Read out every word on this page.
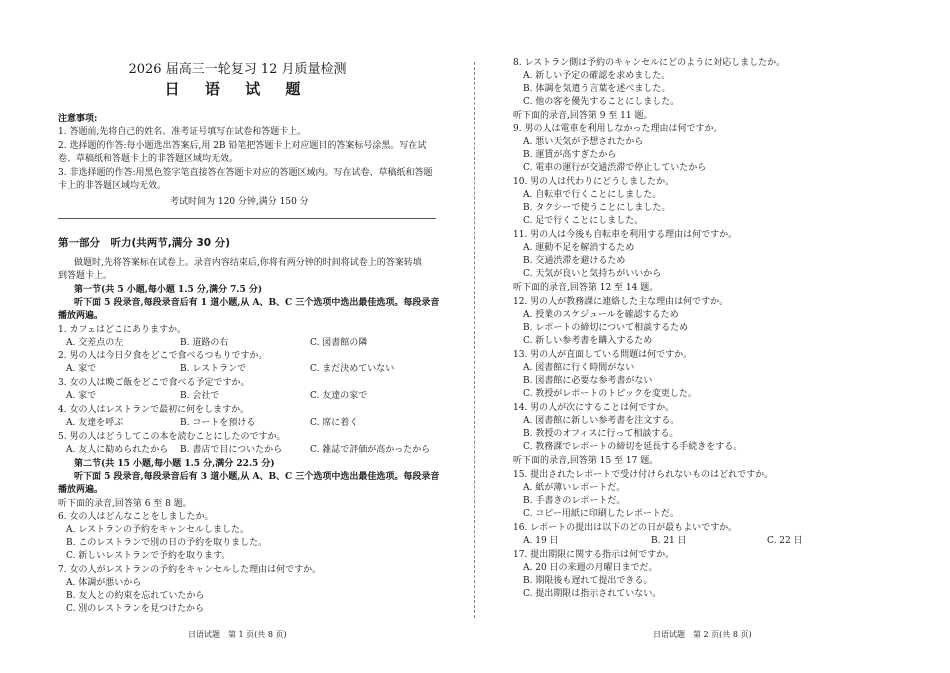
2026 届高三一轮复习 12 月质量检测
日 语 试 题
注意事项:
1. 答题前,先将自己的姓名、准考证号填写在试卷和答题卡上。
2. 选择题的作答:每小题选出答案后,用 2B 铅笔把答题卡上对应题目的答案标号涂黑。写在试
卷、草稿纸和答题卡上的非答题区域均无效。
3. 非选择题的作答:用黑色签字笔直接答在答题卡对应的答题区域内。写在试卷、草稿纸和答题
卡上的非答题区域均无效。
考试时间为 120 分钟,满分 150 分
第一部分　听力(共两节,满分 30 分)
做题时,先将答案标在试卷上。录音内容结束后,你将有两分钟的时间将试卷上的答案转填
到答题卡上。
第一节(共 5 小题,每小题 1.5 分,满分 7.5 分)
听下面 5 段录音,每段录音后有 1 道小题,从 A、B、C 三个选项中选出最佳选项。每段录音
播放两遍。
1. カフェはどこにありますか。
A. 交差点の左	B. 道路の右	C. 図書館の隣
2. 男の人は今日夕食をどこで食べるつもりですか。
A. 家で	B. レストランで	C. まだ決めていない
3. 女の人は晩ご飯をどこで食べる予定ですか。
A. 家で	B. 会社で	C. 友達の家で
4. 女の人はレストランで最初に何をしますか。
A. 友達を呼ぶ	B. コートを預ける	C. 席に着く
5. 男の人はどうしてこの本を読むことにしたのですか。
A. 友人に勧められたから B. 書店で目についたから	C. 雑誌で評価が高かったから
第二节(共 15 小题,每小题 1.5 分,满分 22.5 分)
听下面 5 段录音,每段录音后有 3 道小题,从 A、B、C 三个选项中选出最佳选项。每段录音
播放两遍。
听下面的录音,回答第 6 至 8 题。
6. 女の人はどんなことをしましたか。
A. レストランの予約をキャンセルしました。
B. このレストランで別の日の予約を取りました。
C. 新しいレストランで予約を取ります。
7. 女の人がレストランの予約をキャンセルした理由は何ですか。
A. 体調が悪いから
B. 友人との約束を忘れていたから
C. 別のレストランを見つけたから
日语试题　第 1 页(共 8 页)
8. レストラン側は予約のキャンセルにどのように対応しましたか。
A. 新しい予定の確認を求めました。
B. 体調を気遣う言葉を述べました。
C. 他の客を優先することにしました。
听下面的录音,回答第 9 至 11 题。
9. 男の人は電車を利用しなかった理由は何ですか。
A. 悪い天気が予想されたから
B. 運賃が高すぎたから
C. 電車の運行が交通渋滞で停止していたから
10. 男の人は代わりにどうしましたか。
A. 自転車で行くことにしました。
B. タクシーで使うことにしました。
C. 足で行くことにしました。
11. 男の人は今後も自転車を利用する理由は何ですか。
A. 運動不足を解消するため
B. 交通渋滞を避けるため
C. 天気が良いと気持ちがいいから
听下面的录音,回答第 12 至 14 题。
12. 男の人が教務課に連絡した主な理由は何ですか。
A. 授業のスケジュールを確認するため
B. レポートの締切について相談するため
C. 新しい参考書を購入するため
13. 男の人が直面している問題は何ですか。
A. 図書館に行く時間がない
B. 図書館に必要な参考書がない
C. 教授がレポートのトピックを変更した。
14. 男の人が次にすることは何ですか。
A. 図書館に新しい参考書を注文する。
B. 教授のオフィスに行って相談する。
C. 教務課でレポートの締切を延長する手続きをする。
听下面的录音,回答第 15 至 17 题。
15. 提出されたレポートで受け付けられないものはどれですか。
A. 紙が薄いレポートだ。
B. 手書きのレポートだ。
C. コピー用紙に印刷したレポートだ。
16. レポートの提出は以下のどの日が最もよいですか。
A. 19 日	B. 21 日	C. 22 日
17. 提出期限に関する指示は何ですか。
A. 20 日の来週の月曜日までだ。
B. 期限後も遅れて提出できる。
C. 提出期限は指示されていない。
日语试题　第 2 页(共 8 页)
